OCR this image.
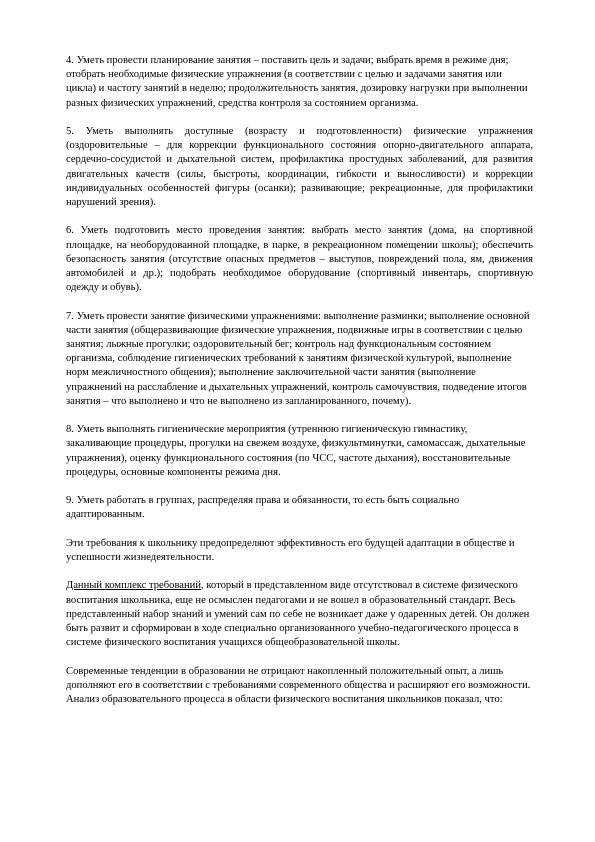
4. Уметь провести планирование занятия – поставить цель и задачи; выбрать время в режиме дня; отобрать необходимые физические упражнения (в соответствии с целью и задачами занятия или цикла) и частоту занятий в неделю; продолжительность занятия, дозировку нагрузки при выполнении разных физических упражнений, средства контроля за состоянием организма.

5. Уметь выполнять доступные (возрасту и подготовленности) физические упражнения (оздоровительные – для коррекции функционального состояния опорно-двигательного аппарата, сердечно-сосудистой и дыхательной систем, профилактика простудных заболеваний, для развития двигательных качеств (силы, быстроты, координации, гибкости и выносливости) и коррекции индивидуальных особенностей фигуры (осанки); развивающие; рекреационные, для профилактики нарушений зрения).

6. Уметь подготовить место проведения занятия: выбрать место занятия (дома, на спортивной площадке, на необорудованной площадке, в парке, в рекреационном помещении школы); обеспечить безопасность занятия (отсутствие опасных предметов – выступов, повреждений пола, ям, движения автомобилей и др.); подобрать необходимое оборудование (спортивный инвентарь, спортивную одежду и обувь).

7. Уметь провести занятие физическими упражнениями: выполнение разминки; выполнение основной части занятия (общеразвивающие физические упражнения, подвижные игры в соответствии с целью занятия; лыжные прогулки; оздоровительный бег; контроль над функциональным состоянием организма, соблюдение гигиенических требований к занятиям физической культурой, выполнение норм межличностного общения); выполнение заключительной части занятия (выполнение упражнений на расслабление и дыхательных упражнений, контроль самочувствия, подведение итогов занятия – что выполнено и что не выполнено из запланированного, почему).

8. Уметь выполнять гигиенические мероприятия (утреннюю гигиеническую гимнастику, закаливающие процедуры, прогулки на свежем воздухе, физкультминутки, самомассаж, дыхательные упражнения), оценку функционального состояния (по ЧСС, частоте дыхания), восстановительные процедуры, основные компоненты режима дня.

9. Уметь работать в группах, распределяя права и обязанности, то есть быть социально адаптированным.

Эти требования к школьнику предопределяют эффективность его будущей адаптации в обществе и успешности жизнедеятельности.

Данный комплекс требований, который в представленном виде отсутствовал в системе физического воспитания школьника, еще не осмыслен педагогами и не вошел в образовательный стандарт. Весь представленный набор знаний и умений сам по себе не возникает даже у одаренных детей. Он должен быть развит и сформирован в ходе специально организованного учебно-педагогического процесса в системе физического воспитания учащихся общеобразовательной школы.

Современные тенденции в образовании не отрицают накопленный положительный опыт, а лишь дополняют его в соответствии с требованиями современного общества и расширяют его возможности. Анализ образовательного процесса в области физического воспитания школьников показал, что:
